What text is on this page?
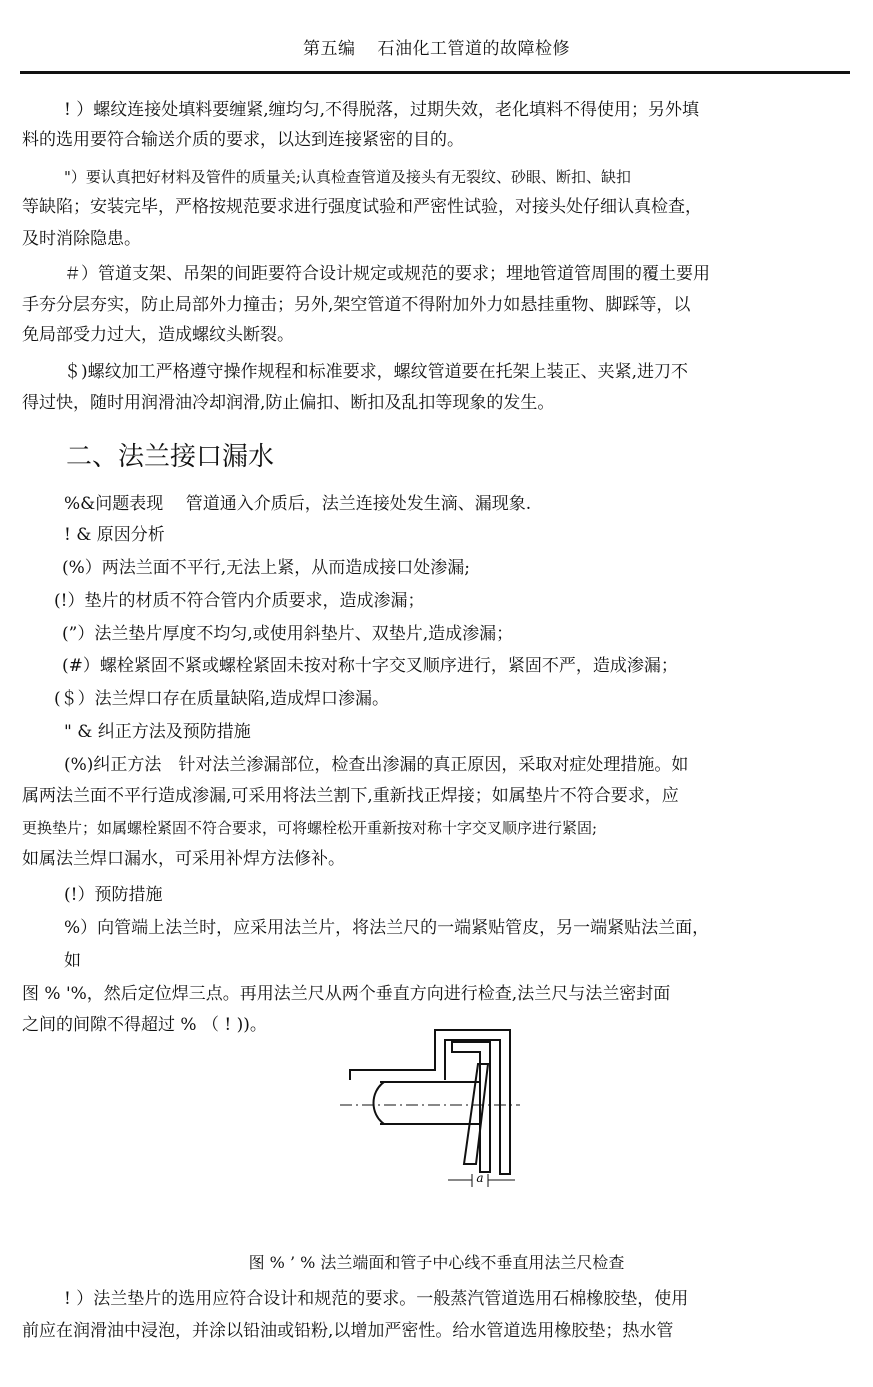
第五编 石油化工管道的故障检修
! ）螺纹连接处填料要缠紧,缠均匀,不得脱落，过期失效，老化填料不得使用；另外填
料的选用要符合输送介质的要求，以达到连接紧密的目的。
"）要认真把好材料及管件的质量关;认真检查管道及接头有无裂纹、砂眼、断扣、缺扣
等缺陷；安装完毕，严格按规范要求进行强度试验和严密性试验，对接头处仔细认真检查，
及时消除隐患。
＃）管道支架、吊架的间距要符合设计规定或规范的要求；埋地管道管周围的覆土要用
手夯分层夯实，防止局部外力撞击；另外,架空管道不得附加外力如悬挂重物、脚踩等，以
免局部受力过大，造成螺纹头断裂。
＄)螺纹加工严格遵守操作规程和标准要求，螺纹管道要在托架上装正、夹紧,进刀不
得过快，随时用润滑油冷却润滑,防止偏扣、断扣及乱扣等现象的发生。
二、法兰接口漏水
%&问题表现　 管道通入介质后，法兰连接处发生滴、漏现象.
! & 原因分析
(%）两法兰面不平行,无法上紧，从而造成接口处渗漏;
(!）垫片的材质不符合管内介质要求，造成渗漏；
(”）法兰垫片厚度不均匀,或使用斜垫片、双垫片,造成渗漏；
(#）螺栓紧固不紧或螺栓紧固未按对称十字交叉顺序进行，紧固不严，造成渗漏；
(＄）法兰焊口存在质量缺陷,造成焊口渗漏。
" & 纠正方法及预防措施
(%)纠正方法　针对法兰渗漏部位，检查出渗漏的真正原因，采取对症处理措施。如
属两法兰面不平行造成渗漏,可采用将法兰割下,重新找正焊接；如属垫片不符合要求，应
更换垫片；如属螺栓紧固不符合要求，可将螺栓松开重新按对称十字交叉顺序进行紧固;
如属法兰焊口漏水，可采用补焊方法修补。
(!）预防措施
%）向管端上法兰时，应采用法兰片，将法兰尺的一端紧贴管皮，另一端紧贴法兰面，
如
图 % '%，然后定位焊三点。再用法兰尺从两个垂直方向进行检查,法兰尺与法兰密封面
之间的间隙不得超过 % （ ! ))。
a
图 % ’ % 法兰端面和管子中心线不垂直用法兰尺检查
! ）法兰垫片的选用应符合设计和规范的要求。一般蒸汽管道选用石棉橡胶垫，使用
前应在润滑油中浸泡，并涂以铅油或铅粉,以增加严密性。给水管道选用橡胶垫；热水管
